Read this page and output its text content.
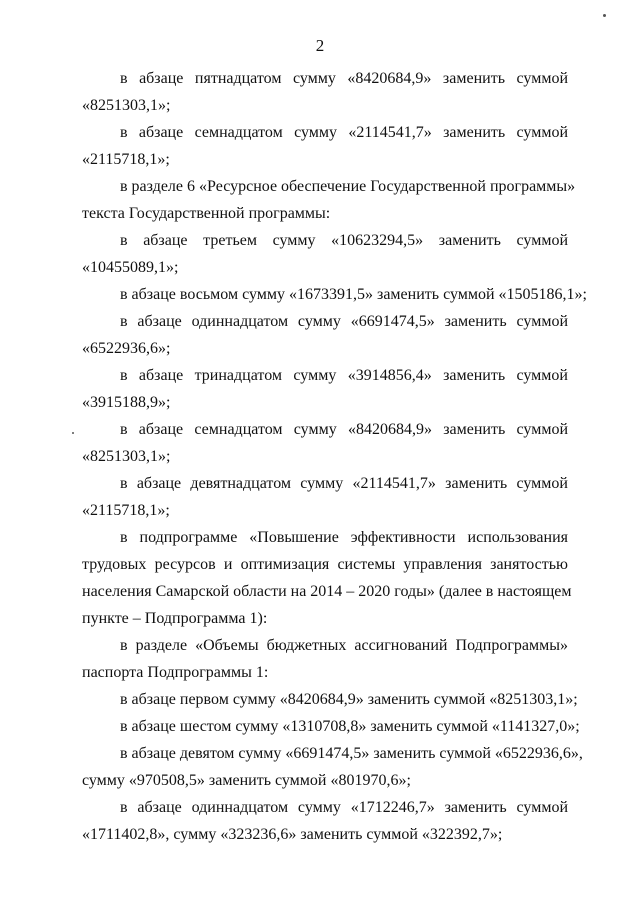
2
в абзаце пятнадцатом сумму «8420684,9» заменить суммой
«8251303,1»;
в абзаце семнадцатом сумму «2114541,7» заменить суммой
«2115718,1»;
в разделе 6 «Ресурсное обеспечение Государственной программы»
текста Государственной программы:
в абзаце третьем сумму «10623294,5» заменить суммой
«10455089,1»;
в абзаце восьмом сумму «1673391,5» заменить суммой «1505186,1»;
в абзаце одиннадцатом сумму «6691474,5» заменить суммой
«6522936,6»;
в абзаце тринадцатом сумму «3914856,4» заменить суммой
«3915188,9»;
в абзаце семнадцатом сумму «8420684,9» заменить суммой
«8251303,1»;
в абзаце девятнадцатом сумму «2114541,7» заменить суммой
«2115718,1»;
в подпрограмме «Повышение эффективности использования
трудовых ресурсов и оптимизация системы управления занятостью
населения Самарской области на 2014 – 2020 годы» (далее в настоящем
пункте – Подпрограмма 1):
в разделе «Объемы бюджетных ассигнований Подпрограммы»
паспорта Подпрограммы 1:
в абзаце первом сумму «8420684,9» заменить суммой «8251303,1»;
в абзаце шестом сумму «1310708,8» заменить суммой «1141327,0»;
в абзаце девятом сумму «6691474,5» заменить суммой «6522936,6»,
сумму «970508,5» заменить суммой «801970,6»;
в абзаце одиннадцатом сумму «1712246,7» заменить суммой
«1711402,8», сумму «323236,6» заменить суммой «322392,7»;
